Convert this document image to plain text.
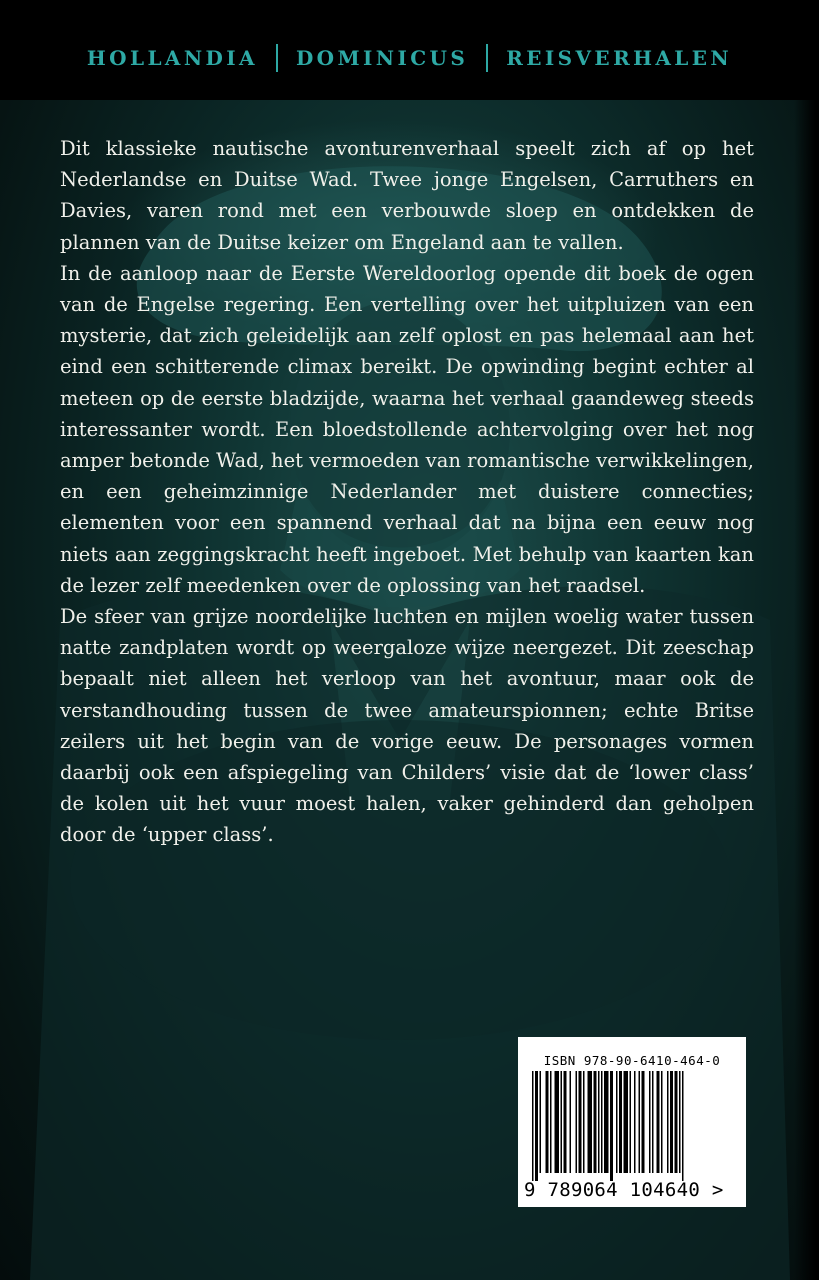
HOLLANDIA	DOMINICUS	REISVERHALEN

Dit klassieke nautische avonturenverhaal speelt zich af op het Nederlandse en Duitse Wad. Twee jonge Engelsen, Carruthers en Davies, varen rond met een verbouwde sloep en ontdekken de plannen van de Duitse keizer om Engeland aan te vallen.

In de aanloop naar de Eerste Wereldoorlog opende dit boek de ogen van de Engelse regering. Een vertelling over het uitpluizen van een mysterie, dat zich geleidelijk aan zelf oplost en pas helemaal aan het eind een schitterende climax bereikt. De opwinding begint echter al meteen op de eerste bladzijde, waarna het verhaal gaandeweg steeds interessanter wordt. Een bloedstollende achtervolging over het nog amper betonde Wad, het vermoeden van romantische verwikkelingen, en een geheimzinnige Nederlander met duistere connecties; elementen voor een spannend verhaal dat na bijna een eeuw nog niets aan zeggingskracht heeft ingeboet. Met behulp van kaarten kan de lezer zelf meedenken over de oplossing van het raadsel.

De sfeer van grijze noordelijke luchten en mijlen woelig water tussen natte zandplaten wordt op weergaloze wijze neergezet. Dit zeeschap bepaalt niet alleen het verloop van het avontuur, maar ook de verstandhouding tussen de twee amateurspionnen; echte Britse zeilers uit het begin van de vorige eeuw. De personages vormen daarbij ook een afspiegeling van Childers’ visie dat de ‘lower class’ de kolen uit het vuur moest halen, vaker gehinderd dan geholpen door de ‘upper class’.

ISBN 978-90-6410-464-0
9 789064 104640 >
